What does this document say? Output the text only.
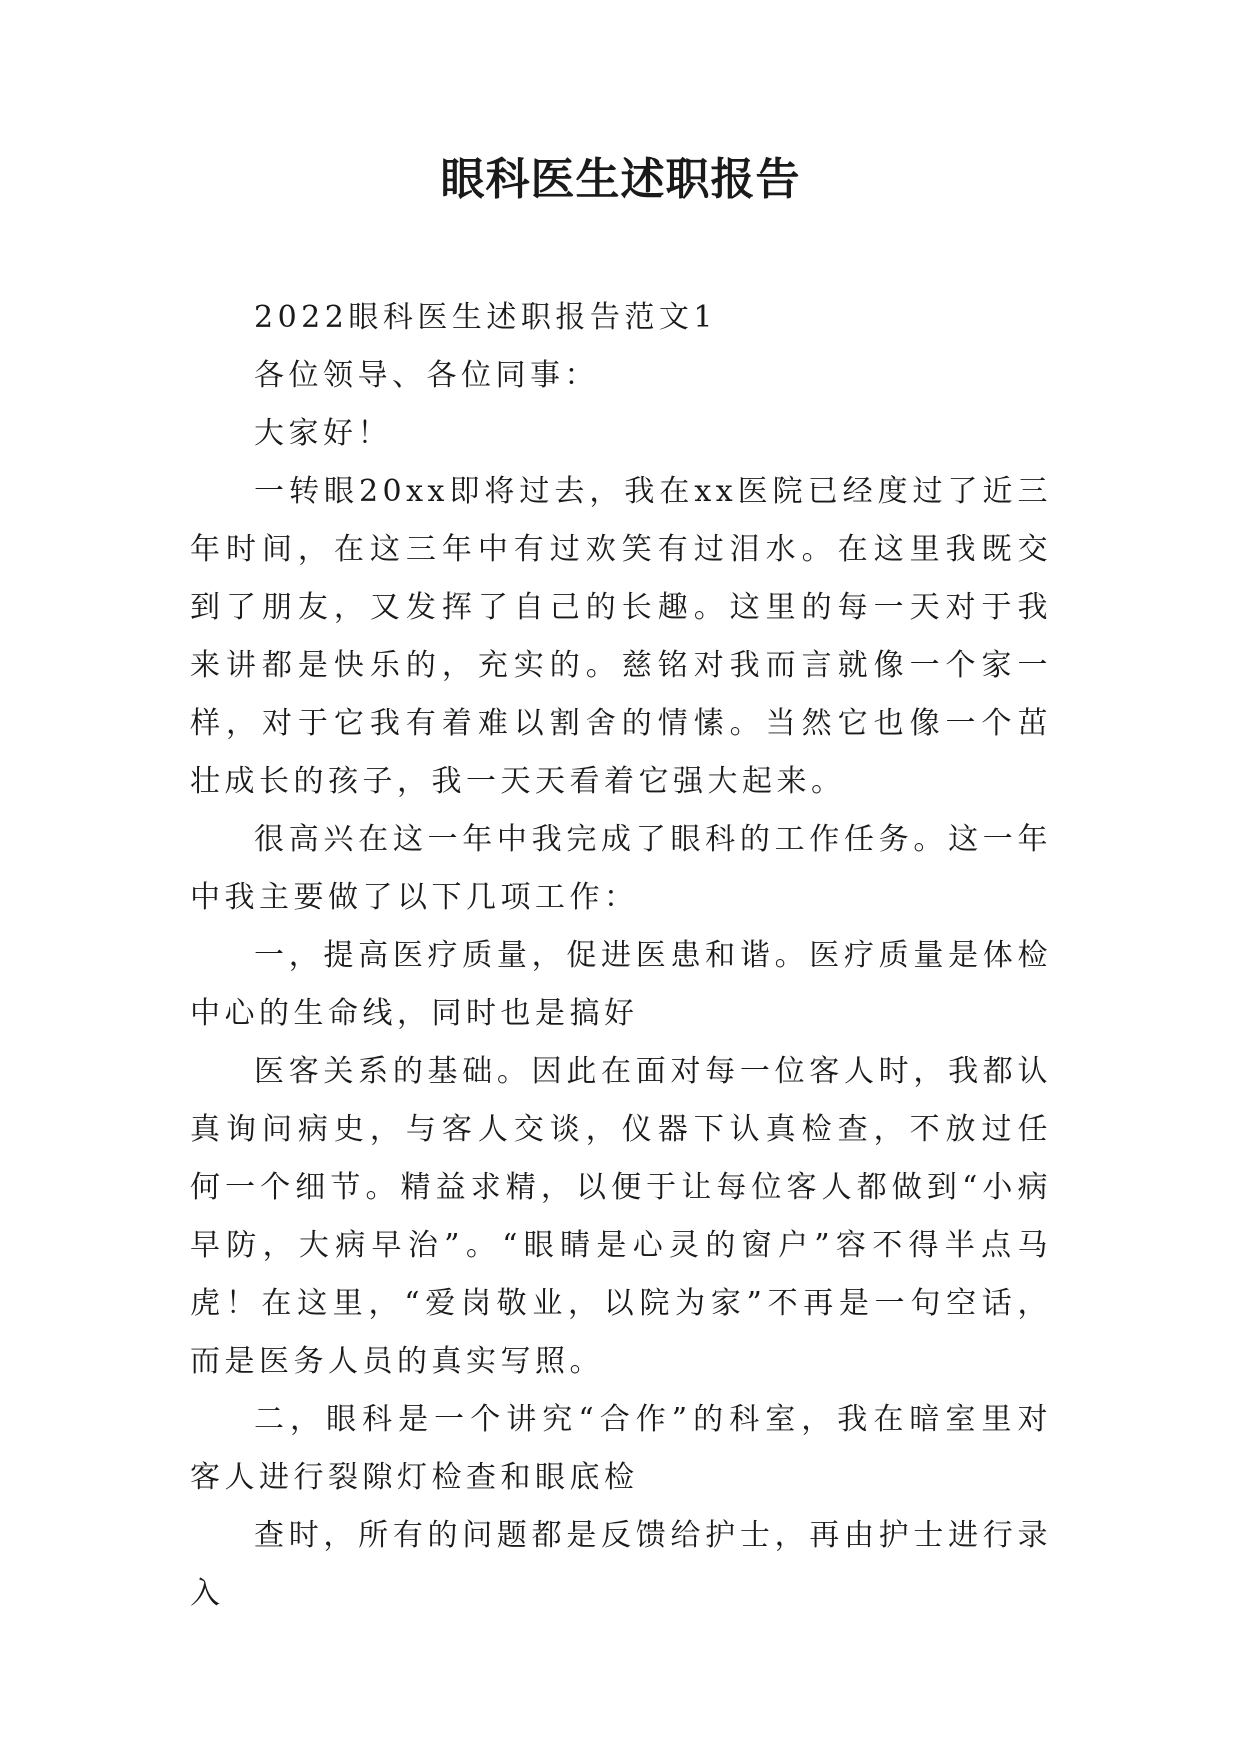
眼科医生述职报告

2022眼科医生述职报告范文1

各位领导、各位同事：

大家好！

一转眼20xx即将过去，我在xx医院已经度过了近三年时间，在这三年中有过欢笑有过泪水。在这里我既交到了朋友，又发挥了自己的长趣。这里的每一天对于我来讲都是快乐的，充实的。慈铭对我而言就像一个家一样，对于它我有着难以割舍的情愫。当然它也像一个茁壮成长的孩子，我一天天看着它强大起来。

很高兴在这一年中我完成了眼科的工作任务。这一年中我主要做了以下几项工作：

一，提高医疗质量，促进医患和谐。医疗质量是体检中心的生命线，同时也是搞好

医客关系的基础。因此在面对每一位客人时，我都认真询问病史，与客人交谈，仪器下认真检查，不放过任何一个细节。精益求精，以便于让每位客人都做到“小病早防，大病早治”。“眼睛是心灵的窗户”容不得半点马虎！在这里，“爱岗敬业，以院为家”不再是一句空话，而是医务人员的真实写照。

二，眼科是一个讲究“合作”的科室，我在暗室里对客人进行裂隙灯检查和眼底检

查时，所有的问题都是反馈给护士，再由护士进行录入
